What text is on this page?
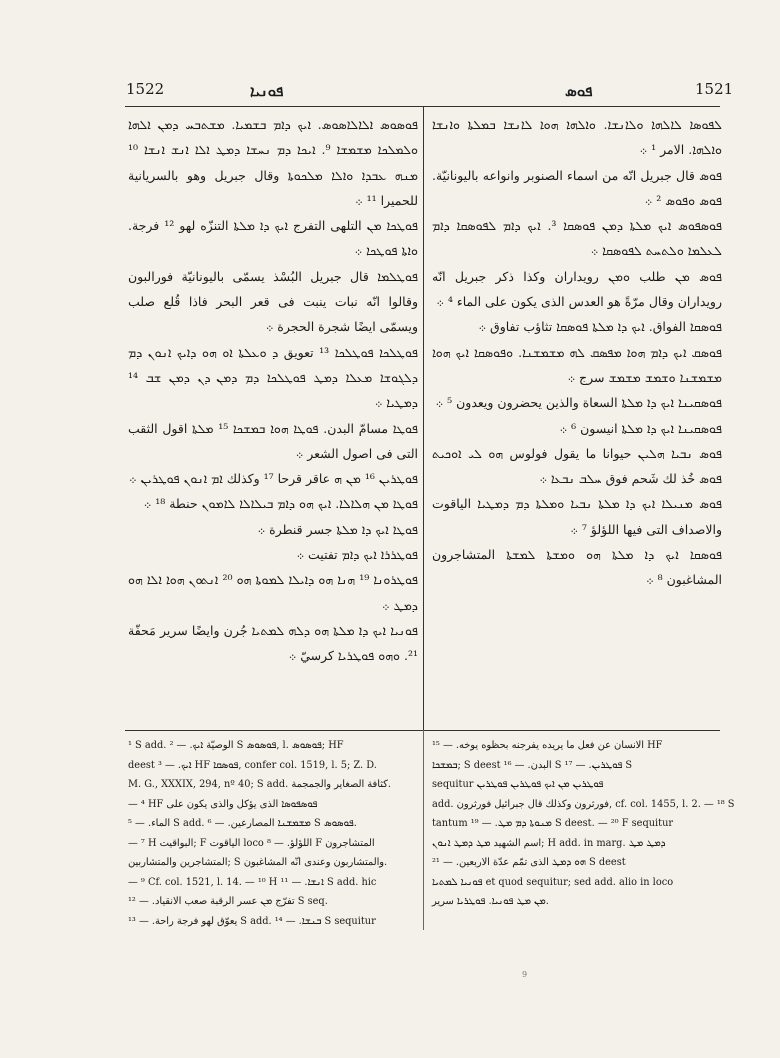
1522	ܦܘܢܝܐ	ܦܘܣ	1521

ܦܘܣܘܣ ܐܠܐܠܐܣܘܣ. ܐܝܟ ܕܐܡ ܒܫܡܝܐ. ܡܫܬܒܚ ܕܡܢ ܐܠܗܐ ܘܠܡܠܟܐ ܡܫܡܫܐ ⁹. ܐܝܟܐ ܕܡ ܢܚܫܐ ܕܡܛ ܐܠܐ ܐܢܫ ܐܢܫܐ ¹⁰ ܡܢܗ ܥܒܕܐ ܘܐܠܐ ܡܠܟܘܬܐ وقال جبريل وهو بالسريانية للحميرا ¹¹ ܀

ܦܘܛܟܐ ܡܢ التلهى التفرج ܐܝܟ ܕܐ ܡܠܬܐ التنزّه لهو ¹² فرجة. ܘܐܬܐ ܦܘܛܟܐ ܀

ܦܘܛܠܡܐ قال جبريل البُسْذ يسمّى باليونانيّة فورالبون وقالوا انّه نبات ينبت فى قعر البحر فاذا قُلع صلب ويسمّى ايضًا شجرة الحجرة ܀

ܦܘܛܠܟܐ ܦܘܛܠܟܐ ¹³ تعويق ܕ ܘܥܠܬܐ ܐܘ ܗܘ ܕܐܝܟ ܐܢܘܢ ܕܡ ܕܠܓܘܫܐ ܡܥܠܐ ܕܡܛ ܦܘܛܠܟܐ ܕܡ ܕܡܢ ܕܢ ܕܡܢ ܫܒ ¹⁴ ܕܡܛܝܐ ܀

ܦܘܛܐ مسامّ البدن. ܦܘܛܐ ܗܘܐ ܒܡܫܟܐ ¹⁵ ܡܠܬܐ اقول الثقب التى فى اصول الشعر ܀

ܦܘܛܪܝܢ ¹⁶ ܡܢ ܗ عاقر قرحا ¹⁷ وكذلك ܐܡ ܐܢܘܢ ܦܘܛܪܝܢ ܀

ܦܘܛܐ ܡܢ ܗܠܐܠܐ. ܐܝܟ ܗܘ ܕܐܡ ܒܝܠܐܠܐ ܠܐܡܘܢ حنطة ¹⁸ ܀

ܦܘܛܐ ܐܝܟ ܕܐ ܡܠܬܐ جسر قنطرة ܀

ܦܘܛܪܪܐ ܐܝܟ ܕܐܡ تفتيت ܀

ܦܘܛܪܘܢܐ ¹⁹ ܗܢܐ ܗܘ ܕܐܝܠܐ ܠܡܘܬܐ ܗܘ ²⁰ ܐܢܬܘܢ ܗܘܐ ܐܠܐ ܗܘ ܕܡܛ ܀

ܦܘܢܝܐ ܐܝܟ ܕܐ ܡܠܬܐ ܗܘ ܕܠܗ ܠܡܬܝܐ جُرن وايضًا سرير مَحفّة ²¹. ܘܗܘ ܦܘܛܪܝܐ كرسيّ ܀

ܠܦܘܣܐ ܠܐܠܗܐ ܘܠܐܢܫܐ. ܘܐܠܗܐ ܗܘܐ ܠܐܢܫܐ ܒܡܠܬܐ ܘܐܢܫܐ ܘܐܠܗܐ. الامر ¹ ܀

ܦܘܣ قال جبريل انّه من اسماء الصنوبر وانواعه باليونانيّة. ܦܘܣ ܘܦܘܣ ² ܀

ܦܘܣܦܘܣ ܐܝܟ ܡܠܬܐ ܕܡܢ ܦܘܣܩܐ ³. ܐܝܟ ܕܐܡ ܠܦܘܣܩܐ ܕܐܡ ܠܥܠܡܐ ܘܠܬܚܬ ܠܦܘܣܩܐ ܀

ܦܘܣ ܡܢ طلب ܘܡܢ رويداران وكذا ذكر جبريل انّه رويداران وقال مرّةً هو العدس الذى يكون على الماء ⁴ ܀

ܦܘܣܩܐ الفواق. ܐܝܟ ܕܐ ܡܠܬܐ ܦܘܣܩܐ تثاؤب تفاوق ܀

ܦܘܣܩ ܐܝܟ ܕܐܡ ܗܘܐ ܡܦܣܩ ܠܗ ܡܫܡܫܢܐ. ܘܦܘܣܩܐ ܐܝܟ ܗܘܐ ܡܫܡܫܢܐ ܘܫܡܫ ܡܫܡܫ سرج ܀

ܦܘܣܩܝܢܐ ܐܝܟ ܕܐ ܡܠܬܐ السعاة والذين يحضرون ويعدون ⁵ ܀

ܦܘܣܩܝܢܐ ܐܝܟ ܕܐ ܡܠܬܐ انيسون ⁶ ܀

ܦܘܣ ܢܒܝܐ ܗܠܝܢ حيوانا ما يقول فولوس ܗܘ ܠܝ ܐܘܟܝܬ ܦܘܣ خُذ لك شَحم فوق ܚܠܒ ܢܒܥܐ ܀

ܦܘܣ ܡܢܝܠܐ ܐܝܟ ܕܐ ܡܠܬܐ ܢܒܝܐ ܘܡܠܬܐ ܕܡ ܕܡܛܝܐ الياقوت والاصداف التى فيها اللؤلؤ ⁷ ܀

ܦܘܣܩܐ ܐܝܟ ܕܐ ܡܠܬܐ ܗܘ ܘܡܫܬܐ ܠܡܫܬܐ المتشاجرون المشاغبون ⁸ ܀

¹ S add. الوصيّة ܐܝܟ. — ² S ܦܘܣܘܣ, l. ܦܘܣܘܣ; HF

deest ܐܝܟ. — ³ HF ܦܘܣܩܐ, confer col. 1519, l. 5; Z. D.

M. G., XXXIX, 294, nº 40; S add. كثافة الصغاير والجمجمة.

— ⁴ HF ܦܘܣܦܘܣܐ الذى يؤكل والذى يكون على

الماء. — ⁵ S add. ܡܫܡܫܢܐ المصارعين. — ⁶ S ܦܘܣܘܣ.

— ⁷ H البواقيت; F الياقوت loco اللؤلؤ. — ⁸ F المتشاجرون

المتشاجرين والمتشاربين; S والمتشاربون وعندى انّه المشاغبون.

— ⁹ Cf. col. 1521, l. 14. — ¹⁰ H ܐܢܫܐ. — ¹¹ S add. hic

تفرّج ܡܢ عسر الرقبة صعب الانقياد. — ¹² S seq.

يعوّق لهو فرجة راحة. — ¹³ S add. ܒܢܫܐ. — ¹⁴ S sequitur

الانسان عن فعل ما يريده يفرجنه بحظوه يوخه. — ¹⁵ HF

ܒܡܫܟܐ; S deest البدن. — ¹⁶ S ܦܘܛܪܝܢ. — ¹⁷ S

sequitur ܦܘܛܪܝܢ ܡܢ ܐܝܟ ܦܘܛܪܝܢ ܦܘܛܪܝܢ

add. فورثرون وكذلك قال جبرائيل فورثرون, cf. col. 1455, l. 2. — ¹⁸ S

tantum ܡܢܘܬܐ ܕܡ ܡܛ. — ¹⁹ S deest. — ²⁰ F sequitur

اسم الشهيد ܡܛ ܕܡܛ ܐܢܘܢ; H add. in marg. ܕܡܛ ܡܛ

ܗܘ ܕܡܛ الذى تمّم عدّة الاربعين. — ²¹ S deest

ܦܘܢܝܐ ܠܡܬܝܐ et quod sequitur; sed add. alio in loco

ܡܢ ܡܛ ܦܘܢܝܐ. ܦܘܛܪܝܐ سرير.

9
